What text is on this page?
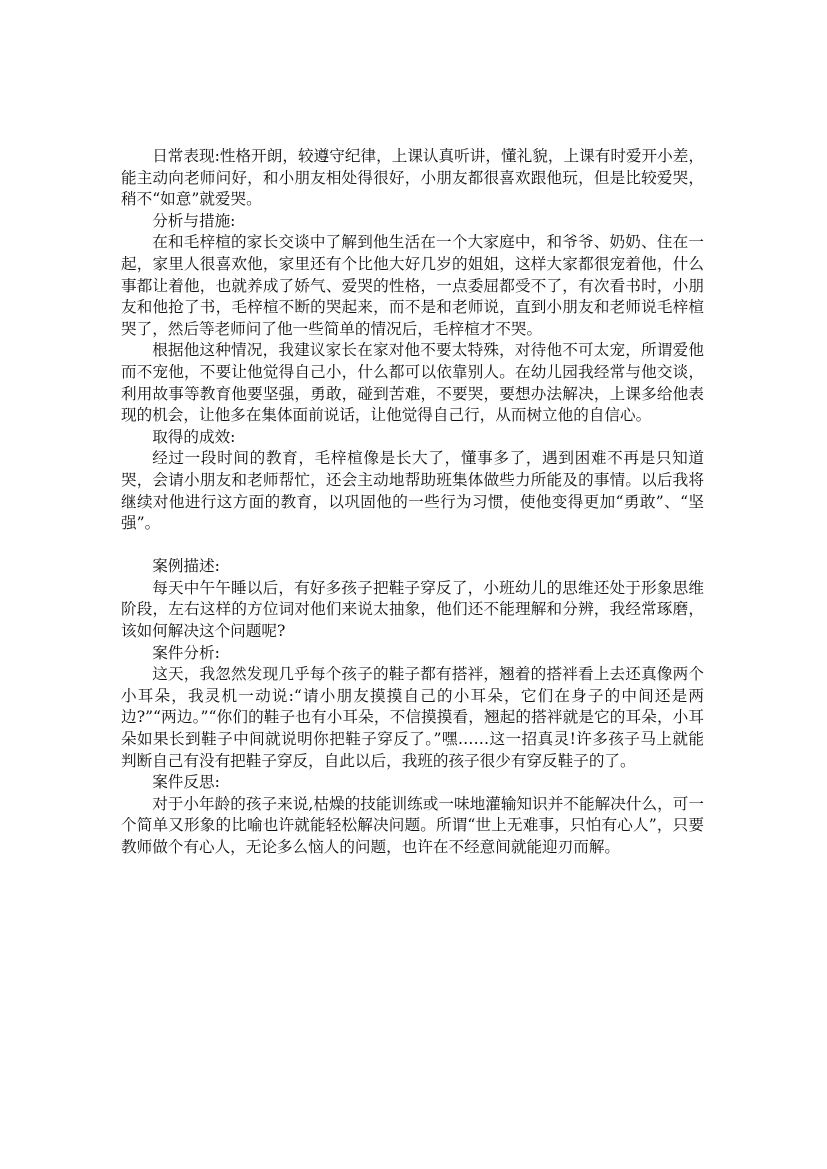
日常表现:性格开朗，较遵守纪律，上课认真听讲，懂礼貌，上课有时爱开小差，能主动向老师问好，和小朋友相处得很好，小朋友都很喜欢跟他玩，但是比较爱哭，稍不“如意”就爱哭。

分析与措施:

在和毛梓楦的家长交谈中了解到他生活在一个大家庭中，和爷爷、奶奶、住在一起，家里人很喜欢他，家里还有个比他大好几岁的姐姐，这样大家都很宠着他，什么事都让着他，也就养成了娇气、爱哭的性格，一点委屈都受不了，有次看书时，小朋友和他抢了书，毛梓楦不断的哭起来，而不是和老师说，直到小朋友和老师说毛梓楦哭了，然后等老师问了他一些简单的情况后，毛梓楦才不哭。

根据他这种情况，我建议家长在家对他不要太特殊，对待他不可太宠，所谓爱他而不宠他，不要让他觉得自己小，什么都可以依靠别人。在幼儿园我经常与他交谈，利用故事等教育他要坚强，勇敢，碰到苦难，不要哭，要想办法解决，上课多给他表现的机会，让他多在集体面前说话，让他觉得自己行，从而树立他的自信心。

取得的成效:

经过一段时间的教育，毛梓楦像是长大了，懂事多了，遇到困难不再是只知道哭，会请小朋友和老师帮忙，还会主动地帮助班集体做些力所能及的事情。以后我将继续对他进行这方面的教育，以巩固他的一些行为习惯，使他变得更加“勇敢”、“坚强”。

案例描述:

每天中午午睡以后，有好多孩子把鞋子穿反了，小班幼儿的思维还处于形象思维阶段，左右这样的方位词对他们来说太抽象，他们还不能理解和分辨，我经常琢磨，该如何解决这个问题呢?

案件分析:

这天，我忽然发现几乎每个孩子的鞋子都有搭袢，翘着的搭袢看上去还真像两个小耳朵，我灵机一动说:“请小朋友摸摸自己的小耳朵，它们在身子的中间还是两边?”“两边。”“你们的鞋子也有小耳朵，不信摸摸看，翘起的搭袢就是它的耳朵，小耳朵如果长到鞋子中间就说明你把鞋子穿反了。”嘿……这一招真灵!许多孩子马上就能判断自己有没有把鞋子穿反，自此以后，我班的孩子很少有穿反鞋子的了。

案件反思:

对于小年龄的孩子来说,枯燥的技能训练或一味地灌输知识并不能解决什么，可一个简单又形象的比喻也许就能轻松解决问题。所谓“世上无难事，只怕有心人”，只要教师做个有心人，无论多么恼人的问题，也许在不经意间就能迎刃而解。
